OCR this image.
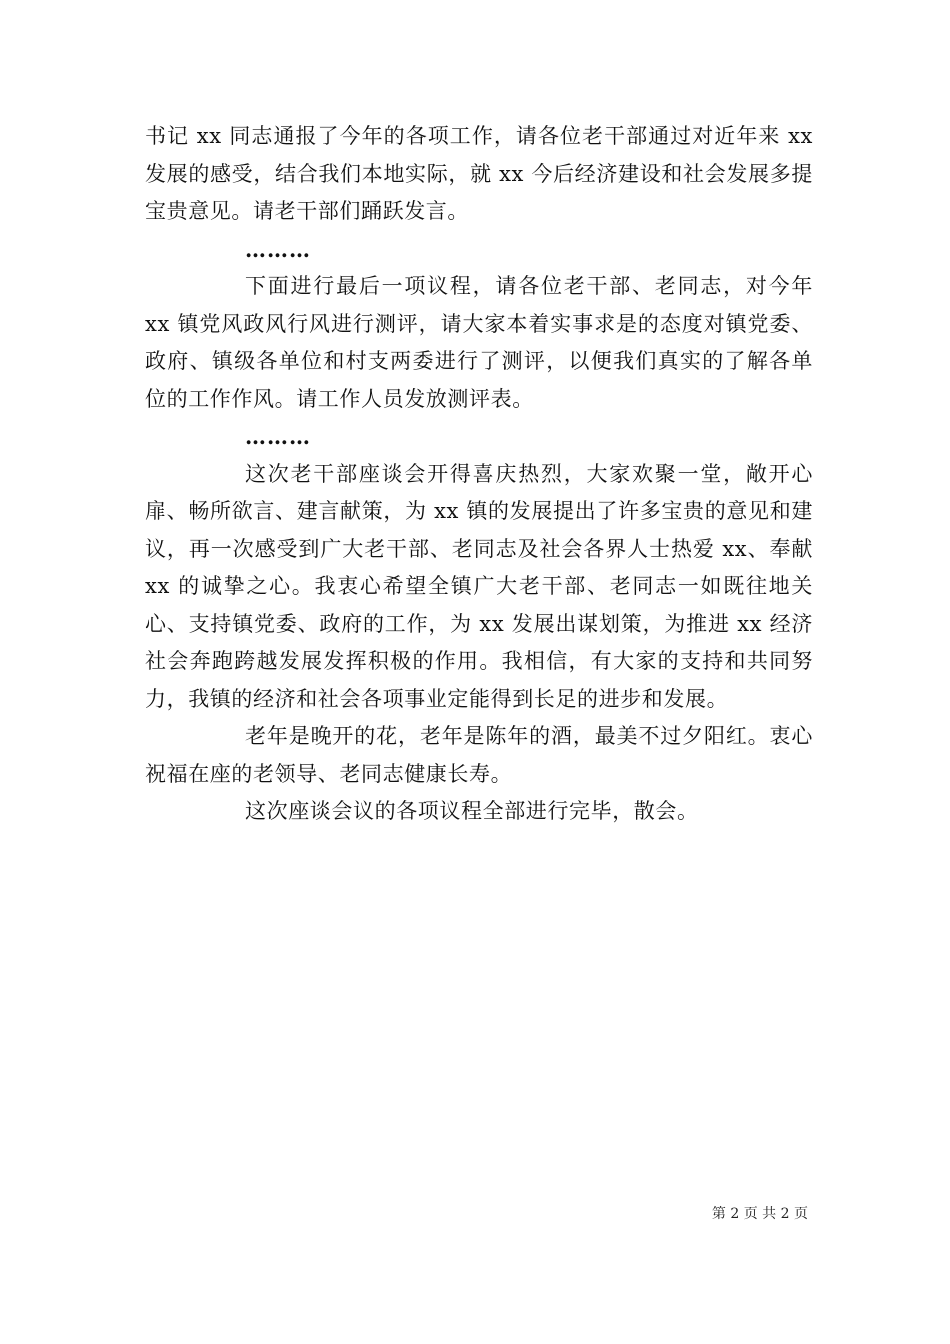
书记 xx 同志通报了今年的各项工作，请各位老干部通过对近年来 xx 发展的感受，结合我们本地实际，就 xx 今后经济建设和社会发展多提宝贵意见。请老干部们踊跃发言。

………

下面进行最后一项议程，请各位老干部、老同志，对今年 xx 镇党风政风行风进行测评，请大家本着实事求是的态度对镇党委、政府、镇级各单位和村支两委进行了测评，以便我们真实的了解各单位的工作作风。请工作人员发放测评表。

………

这次老干部座谈会开得喜庆热烈，大家欢聚一堂，敞开心扉、畅所欲言、建言献策，为 xx 镇的发展提出了许多宝贵的意见和建议，再一次感受到广大老干部、老同志及社会各界人士热爱 xx、奉献 xx 的诚挚之心。我衷心希望全镇广大老干部、老同志一如既往地关心、支持镇党委、政府的工作，为 xx 发展出谋划策，为推进 xx 经济社会奔跑跨越发展发挥积极的作用。我相信，有大家的支持和共同努力，我镇的经济和社会各项事业定能得到长足的进步和发展。

老年是晚开的花，老年是陈年的酒，最美不过夕阳红。衷心祝福在座的老领导、老同志健康长寿。

这次座谈会议的各项议程全部进行完毕，散会。

第 2 页 共 2 页
